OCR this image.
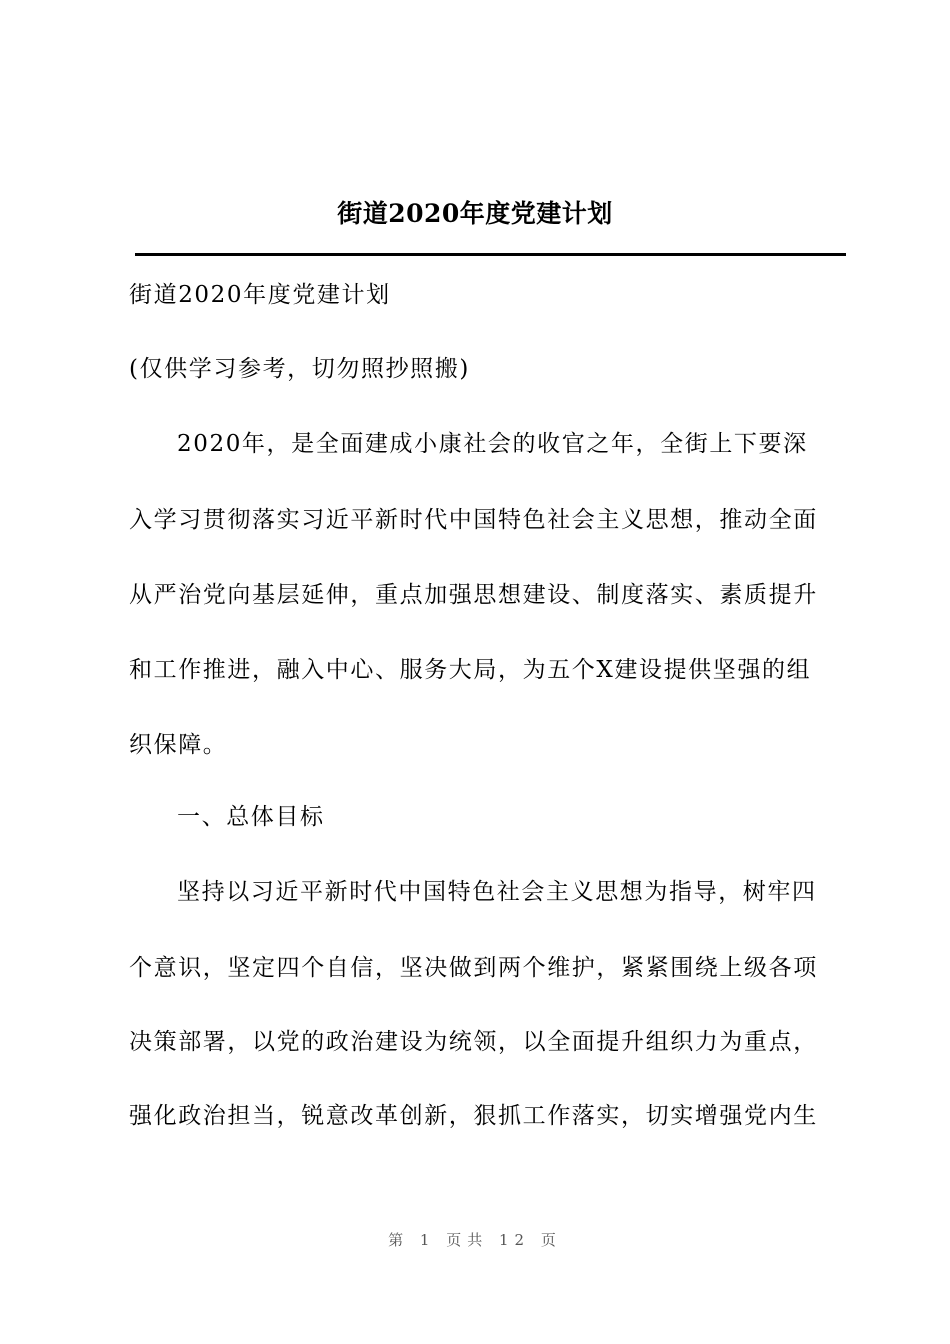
街道2020年度党建计划
街道2020年度党建计划
(仅供学习参考，切勿照抄照搬)
2020年，是全面建成小康社会的收官之年，全街上下要深
入学习贯彻落实习近平新时代中国特色社会主义思想，推动全面
从严治党向基层延伸，重点加强思想建设、制度落实、素质提升
和工作推进，融入中心、服务大局，为五个X建设提供坚强的组
织保障。
一、总体目标
坚持以习近平新时代中国特色社会主义思想为指导，树牢四
个意识，坚定四个自信，坚决做到两个维护，紧紧围绕上级各项
决策部署，以党的政治建设为统领，以全面提升组织力为重点，
强化政治担当，锐意改革创新，狠抓工作落实，切实增强党内生
第 1 页共 12 页
